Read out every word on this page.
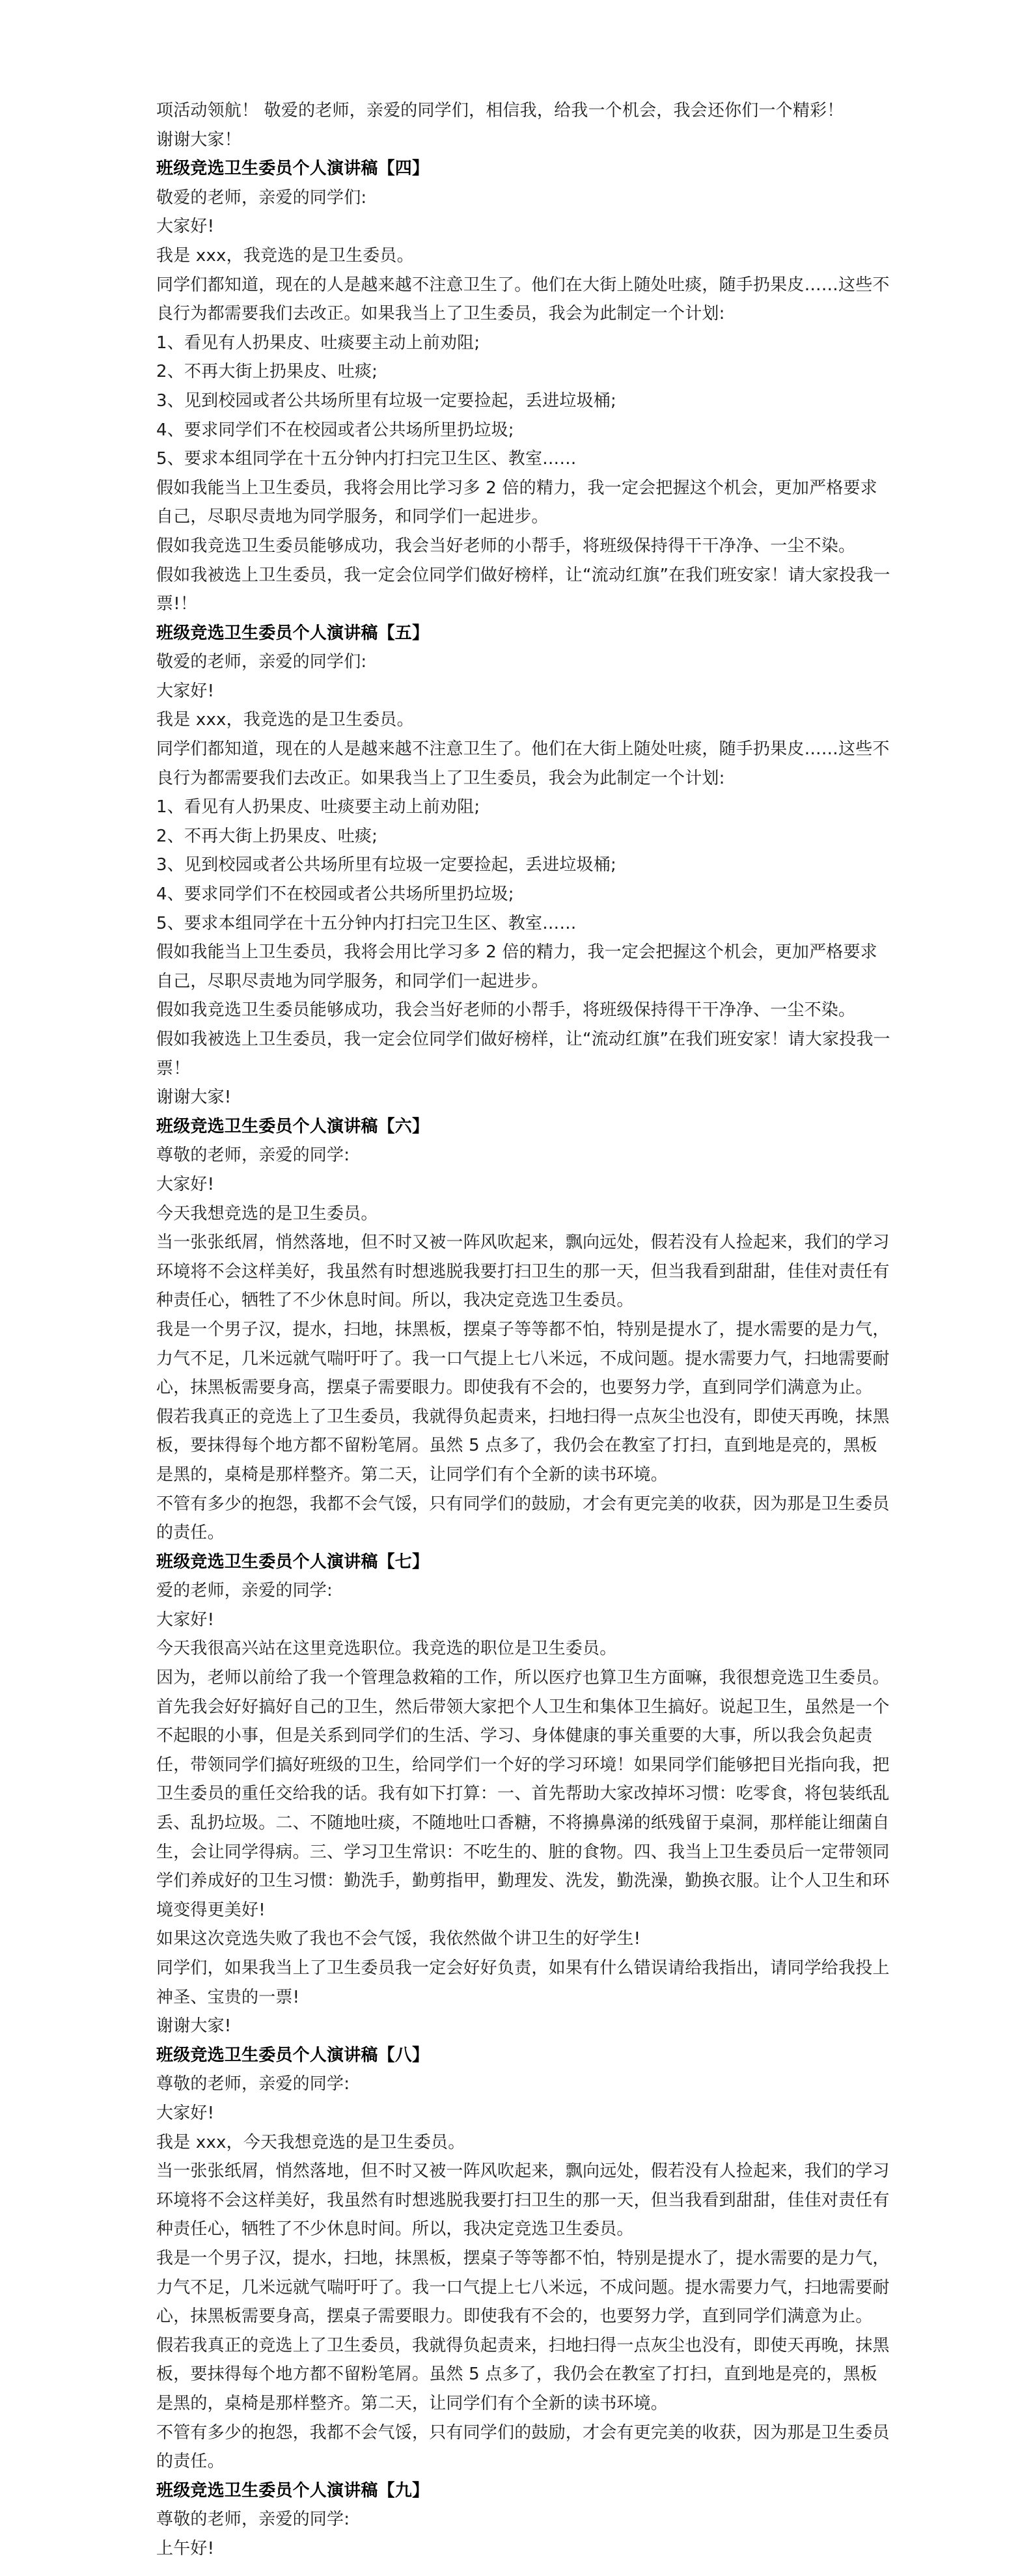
项活动领航！ 敬爱的老师，亲爱的同学们，相信我，给我一个机会，我会还你们一个精彩！

谢谢大家！

班级竞选卫生委员个人演讲稿【四】

敬爱的老师，亲爱的同学们:

大家好!

我是 xxx，我竞选的是卫生委员。

同学们都知道，现在的人是越来越不注意卫生了。他们在大街上随处吐痰，随手扔果皮……这些不良行为都需要我们去改正。如果我当上了卫生委员，我会为此制定一个计划:

1、看见有人扔果皮、吐痰要主动上前劝阻;

2、不再大街上扔果皮、吐痰;

3、见到校园或者公共场所里有垃圾一定要捡起，丢进垃圾桶;

4、要求同学们不在校园或者公共场所里扔垃圾;

5、要求本组同学在十五分钟内打扫完卫生区、教室……

假如我能当上卫生委员，我将会用比学习多 2 倍的精力，我一定会把握这个机会，更加严格要求自己，尽职尽责地为同学服务，和同学们一起进步。

假如我竞选卫生委员能够成功，我会当好老师的小帮手，将班级保持得干干净净、一尘不染。

假如我被选上卫生委员，我一定会位同学们做好榜样，让“流动红旗”在我们班安家！请大家投我一票!！

班级竞选卫生委员个人演讲稿【五】

敬爱的老师，亲爱的同学们:

大家好!

我是 xxx，我竞选的是卫生委员。

同学们都知道，现在的人是越来越不注意卫生了。他们在大街上随处吐痰，随手扔果皮……这些不良行为都需要我们去改正。如果我当上了卫生委员，我会为此制定一个计划:

1、看见有人扔果皮、吐痰要主动上前劝阻;

2、不再大街上扔果皮、吐痰;

3、见到校园或者公共场所里有垃圾一定要捡起，丢进垃圾桶;

4、要求同学们不在校园或者公共场所里扔垃圾;

5、要求本组同学在十五分钟内打扫完卫生区、教室……

假如我能当上卫生委员，我将会用比学习多 2 倍的精力，我一定会把握这个机会，更加严格要求自己，尽职尽责地为同学服务，和同学们一起进步。

假如我竞选卫生委员能够成功，我会当好老师的小帮手，将班级保持得干干净净、一尘不染。

假如我被选上卫生委员，我一定会位同学们做好榜样，让“流动红旗”在我们班安家！请大家投我一票！

谢谢大家!

班级竞选卫生委员个人演讲稿【六】

尊敬的老师，亲爱的同学:

大家好!

今天我想竞选的是卫生委员。

当一张张纸屑，悄然落地，但不时又被一阵风吹起来，飘向远处，假若没有人捡起来，我们的学习环境将不会这样美好，我虽然有时想逃脱我要打扫卫生的那一天，但当我看到甜甜，佳佳对责任有种责任心，牺牲了不少休息时间。所以，我决定竞选卫生委员。

我是一个男子汉，提水，扫地，抹黑板，摆桌子等等都不怕，特别是提水了，提水需要的是力气，力气不足，几米远就气喘吁吁了。我一口气提上七八米远，不成问题。提水需要力气，扫地需要耐心，抹黑板需要身高，摆桌子需要眼力。即使我有不会的，也要努力学，直到同学们满意为止。

假若我真正的竞选上了卫生委员，我就得负起责来，扫地扫得一点灰尘也没有，即使天再晚，抹黑板，要抹得每个地方都不留粉笔屑。虽然 5 点多了，我仍会在教室了打扫，直到地是亮的，黑板是黑的，桌椅是那样整齐。第二天，让同学们有个全新的读书环境。

不管有多少的抱怨，我都不会气馁，只有同学们的鼓励，才会有更完美的收获，因为那是卫生委员的责任。

班级竞选卫生委员个人演讲稿【七】

爱的老师，亲爱的同学:

大家好!

今天我很高兴站在这里竞选职位。我竞选的职位是卫生委员。

因为，老师以前给了我一个管理急救箱的工作，所以医疗也算卫生方面嘛，我很想竞选卫生委员。

首先我会好好搞好自己的卫生，然后带领大家把个人卫生和集体卫生搞好。说起卫生，虽然是一个不起眼的小事，但是关系到同学们的生活、学习、身体健康的事关重要的大事，所以我会负起责任，带领同学们搞好班级的卫生，给同学们一个好的学习环境！如果同学们能够把目光指向我，把卫生委员的重任交给我的话。我有如下打算：一、首先帮助大家改掉坏习惯：吃零食，将包装纸乱丢、乱扔垃圾。二、不随地吐痰，不随地吐口香糖，不将擤鼻涕的纸残留于桌洞，那样能让细菌自生，会让同学得病。三、学习卫生常识：不吃生的、脏的食物。四、我当上卫生委员后一定带领同学们养成好的卫生习惯：勤洗手，勤剪指甲，勤理发、洗发，勤洗澡，勤换衣服。让个人卫生和环境变得更美好!

如果这次竞选失败了我也不会气馁，我依然做个讲卫生的好学生!

同学们，如果我当上了卫生委员我一定会好好负责，如果有什么错误请给我指出，请同学给我投上神圣、宝贵的一票!

谢谢大家!

班级竞选卫生委员个人演讲稿【八】

尊敬的老师，亲爱的同学:

大家好!

我是 xxx，今天我想竞选的是卫生委员。

当一张张纸屑，悄然落地，但不时又被一阵风吹起来，飘向远处，假若没有人捡起来，我们的学习环境将不会这样美好，我虽然有时想逃脱我要打扫卫生的那一天，但当我看到甜甜，佳佳对责任有种责任心，牺牲了不少休息时间。所以，我决定竞选卫生委员。

我是一个男子汉，提水，扫地，抹黑板，摆桌子等等都不怕，特别是提水了，提水需要的是力气，力气不足，几米远就气喘吁吁了。我一口气提上七八米远，不成问题。提水需要力气，扫地需要耐心，抹黑板需要身高，摆桌子需要眼力。即使我有不会的，也要努力学，直到同学们满意为止。

假若我真正的竞选上了卫生委员，我就得负起责来，扫地扫得一点灰尘也没有，即使天再晚，抹黑板，要抹得每个地方都不留粉笔屑。虽然 5 点多了，我仍会在教室了打扫，直到地是亮的，黑板是黑的，桌椅是那样整齐。第二天，让同学们有个全新的读书环境。

不管有多少的抱怨，我都不会气馁，只有同学们的鼓励，才会有更完美的收获，因为那是卫生委员的责任。

班级竞选卫生委员个人演讲稿【九】

尊敬的老师，亲爱的同学:

上午好!
